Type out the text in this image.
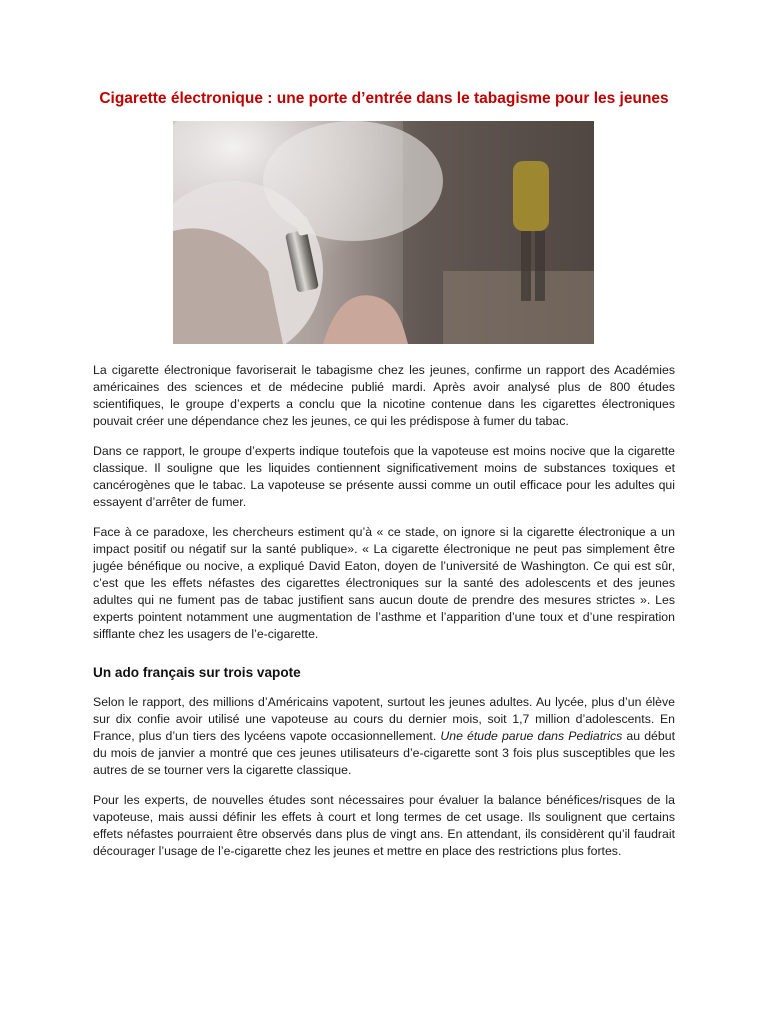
Cigarette électronique : une porte d’entrée dans le tabagisme pour les jeunes

La cigarette électronique favoriserait le tabagisme chez les jeunes, confirme un rapport des Académies américaines des sciences et de médecine publié mardi. Après avoir analysé plus de 800 études scientifiques, le groupe d’experts a conclu que la nicotine contenue dans les cigarettes électroniques pouvait créer une dépendance chez les jeunes, ce qui les prédispose à fumer du tabac.

Dans ce rapport, le groupe d’experts indique toutefois que la vapoteuse est moins nocive que la cigarette classique. Il souligne que les liquides contiennent significativement moins de substances toxiques et cancérogènes que le tabac. La vapoteuse se présente aussi comme un outil efficace pour les adultes qui essayent d’arrêter de fumer.

Face à ce paradoxe, les chercheurs estiment qu’à « ce stade, on ignore si la cigarette électronique a un impact positif ou négatif sur la santé publique». « La cigarette électronique ne peut pas simplement être jugée bénéfique ou nocive, a expliqué David Eaton, doyen de l’université de Washington. Ce qui est sûr, c’est que les effets néfastes des cigarettes électroniques sur la santé des adolescents et des jeunes adultes qui ne fument pas de tabac justifient sans aucun doute de prendre des mesures strictes ». Les experts pointent notamment une augmentation de l’asthme et l’apparition d’une toux et d’une respiration sifflante chez les usagers de l’e-cigarette.

Un ado français sur trois vapote

Selon le rapport, des millions d’Américains vapotent, surtout les jeunes adultes. Au lycée, plus d’un élève sur dix confie avoir utilisé une vapoteuse au cours du dernier mois, soit 1,7 million d’adolescents. En France, plus d’un tiers des lycéens vapote occasionnellement. Une étude parue dans Pediatrics au début du mois de janvier a montré que ces jeunes utilisateurs d’e-cigarette sont 3 fois plus susceptibles que les autres de se tourner vers la cigarette classique.

Pour les experts, de nouvelles études sont nécessaires pour évaluer la balance bénéfices/risques de la vapoteuse, mais aussi définir les effets à court et long termes de cet usage. Ils soulignent que certains effets néfastes pourraient être observés dans plus de vingt ans. En attendant, ils considèrent qu’il faudrait décourager l’usage de l’e-cigarette chez les jeunes et mettre en place des restrictions plus fortes.
